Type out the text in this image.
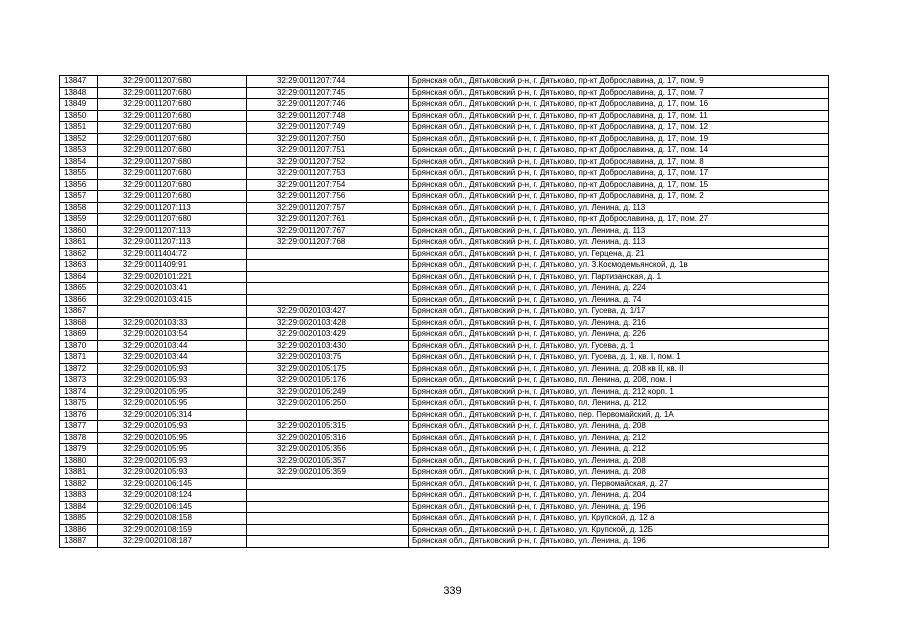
13847	32:29:0011207:680	32:29:0011207:744	Брянская обл., Дятьковский р-н, г. Дятьково, пр-кт Доброславина, д. 17, пом. 9
13848	32:29:0011207:680	32:29:0011207:745	Брянская обл., Дятьковский р-н, г. Дятьково, пр-кт Доброславина, д. 17, пом. 7
13849	32:29:0011207:680	32:29:0011207:746	Брянская обл., Дятьковский р-н, г. Дятьково, пр-кт Доброславина, д. 17, пом. 16
13850	32:29:0011207:680	32:29:0011207:748	Брянская обл., Дятьковский р-н, г. Дятьково, пр-кт Доброславина, д. 17, пом. 11
13851	32:29:0011207:680	32:29:0011207:749	Брянская обл., Дятьковский р-н, г. Дятьково, пр-кт Доброславина, д. 17, пом. 12
13852	32:29:0011207:680	32:29:0011207:750	Брянская обл., Дятьковский р-н, г. Дятьково, пр-кт Доброславина, д. 17, пом. 19
13853	32:29:0011207:680	32:29:0011207:751	Брянская обл., Дятьковский р-н, г. Дятьково, пр-кт Доброславина, д. 17, пом. 14
13854	32:29:0011207:680	32:29:0011207:752	Брянская обл., Дятьковский р-н, г. Дятьково, пр-кт Доброславина, д. 17, пом. 8
13855	32:29:0011207:680	32:29:0011207:753	Брянская обл., Дятьковский р-н, г. Дятьково, пр-кт Доброславина, д. 17, пом. 17
13856	32:29:0011207:680	32:29:0011207:754	Брянская обл., Дятьковский р-н, г. Дятьково, пр-кт Доброславина, д. 17, пом. 15
13857	32:29:0011207:680	32:29:0011207:756	Брянская обл., Дятьковский р-н, г. Дятьково, пр-кт Доброславина, д. 17, пом. 2
13858	32:29:0011207:113	32:29:0011207:757	Брянская обл., Дятьковский р-н, г. Дятьково, ул. Ленина, д. 113
13859	32:29:0011207:680	32:29:0011207:761	Брянская обл., Дятьковский р-н, г. Дятьково, пр-кт Доброславина, д. 17, пом. 27
13860	32:29:0011207:113	32:29:0011207:767	Брянская обл., Дятьковский р-н, г. Дятьково, ул. Ленина, д. 113
13861	32:29:0011207:113	32:29:0011207:768	Брянская обл., Дятьковский р-н, г. Дятьково, ул. Ленина, д. 113
13862	32:29:0011404:72		Брянская обл., Дятьковский р-н, г. Дятьково, ул. Герцена, д. 21
13863	32:29:0011409:91		Брянская обл., Дятьковский р-н, г. Дятьково, ул. З.Космодемьянской, д. 1в
13864	32:29:0020101:221		Брянская обл., Дятьковский р-н, г. Дятьково, ул. Партизанская, д. 1
13865	32:29:0020103:41		Брянская обл., Дятьковский р-н, г. Дятьково, ул. Ленина, д. 224
13866	32:29:0020103:415		Брянская обл., Дятьковский р-н, г. Дятьково, ул. Ленина, д. 74
13867		32:29:0020103:427	Брянская обл., Дятьковский р-н, г. Дятьково, ул. Гусева, д. 1/17
13868	32:29:0020103:33	32:29:0020103:428	Брянская обл., Дятьковский р-н, г. Дятьково, ул. Ленина, д. 216
13869	32:29:0020103:54	32:29:0020103:429	Брянская обл., Дятьковский р-н, г. Дятьково, ул. Ленина, д. 226
13870	32:29:0020103:44	32:29:0020103:430	Брянская обл., Дятьковский р-н, г. Дятьково, ул. Гусева, д. 1
13871	32:29:0020103:44	32:29:0020103:75	Брянская обл., Дятьковский р-н, г. Дятьково, ул. Гусева, д. 1, кв. I, пом. 1
13872	32:29:0020105:93	32:29:0020105:175	Брянская обл., Дятьковский р-н, г. Дятьково, ул. Ленина, д. 208 кв II, кв. II
13873	32:29:0020105:93	32:29:0020105:176	Брянская обл., Дятьковский р-н, г. Дятьково, пл. Ленина, д. 208, пом. I
13874	32:29:0020105:95	32:29:0020105:249	Брянская обл., Дятьковский р-н, г. Дятьково, ул. Ленина, д. 212 корп. 1
13875	32:29:0020105:95	32:29:0020105:250	Брянская обл., Дятьковский р-н, г. Дятьково, пл. Ленина, д. 212
13876	32:29:0020105:314		Брянская обл., Дятьковский р-н, г. Дятьково, пер. Первомайский, д. 1А
13877	32:29:0020105:93	32:29:0020105:315	Брянская обл., Дятьковский р-н, г. Дятьково, ул. Ленина, д. 208
13878	32:29:0020105:95	32:29:0020105:316	Брянская обл., Дятьковский р-н, г. Дятьково, ул. Ленина, д. 212
13879	32:29:0020105:95	32:29:0020105:356	Брянская обл., Дятьковский р-н, г. Дятьково, ул. Ленина, д. 212
13880	32:29:0020105:93	32:29:0020105:357	Брянская обл., Дятьковский р-н, г. Дятьково, ул. Ленина, д. 208
13881	32:29:0020105:93	32:29:0020105:359	Брянская обл., Дятьковский р-н, г. Дятьково, ул. Ленина, д. 208
13882	32:29:0020106:145		Брянская обл., Дятьковский р-н, г. Дятьково, ул. Первомайская, д. 27
13883	32:29:0020108:124		Брянская обл., Дятьковский р-н, г. Дятьково, ул. Ленина, д. 204
13884	32:29:0020106:145		Брянская обл., Дятьковский р-н, г. Дятьково, ул. Ленина, д. 196
13885	32:29:0020108:158		Брянская обл., Дятьковский р-н, г. Дятьково, ул. Крупской, д. 12 а
13886	32:29:0020108:159		Брянская обл., Дятьковский р-н, г. Дятьково, ул. Крупской, д. 12Б
13887	32:29:0020108:187		Брянская обл., Дятьковский р-н, г. Дятьково, ул. Ленина, д. 196
339
